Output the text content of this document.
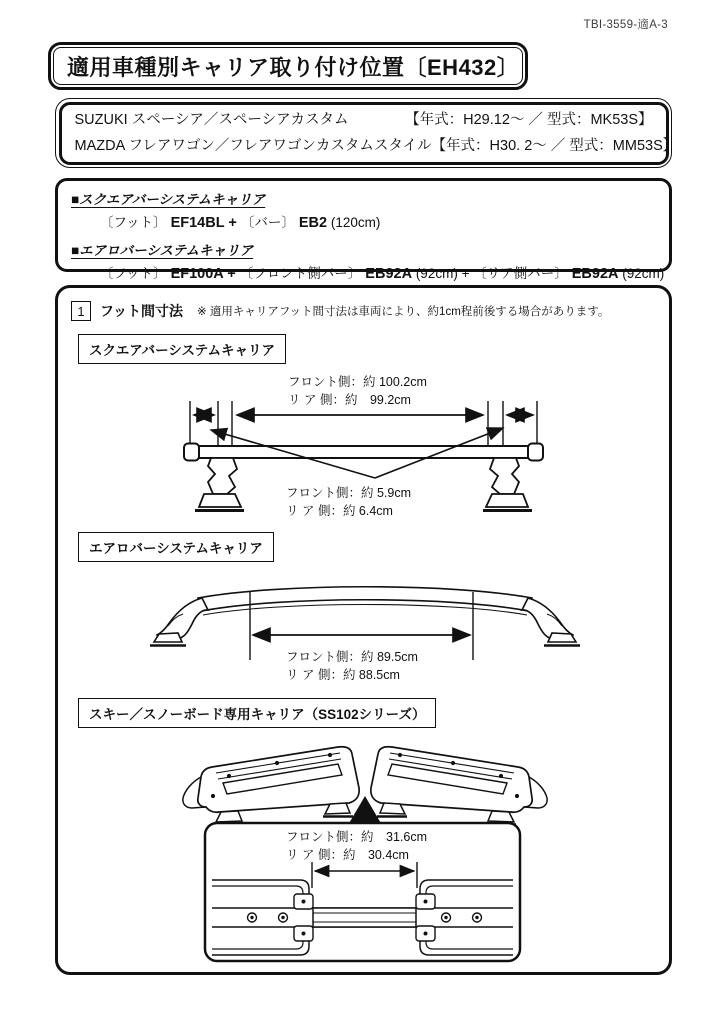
TBI-3559-適A-3
適用車種別キャリア取り付け位置〔EH432〕
SUZUKI スペーシア／スペーシアカスタム	【年式：H29.12～ ／ 型式：MK53S】
MAZDA フレアワゴン／フレアワゴンカスタムスタイル 【年式：H30. 2～ ／ 型式：MM53S】
■スクエアバーシステムキャリア
〔フット〕 EF14BL + 〔バー〕 EB2 (120cm)
■エアロバーシステムキャリア
〔フット〕 EF100A + 〔フロント側バー〕 EB92A (92cm) + 〔リア側バー〕 EB92A (92cm)
1	フット間寸法 ※ 適用キャリアフット間寸法は車両により、約1cm程前後する場合があります。
スクエアバーシステムキャリア
フロント側：約 100.2cm
リ ア 側：約　99.2cm
フロント側：約 5.9cm
リ ア 側：約 6.4cm
エアロバーシステムキャリア
フロント側：約 89.5cm
リ ア 側：約 88.5cm
スキー／スノーボード専用キャリア（SS102シリーズ）
フロント側：約　31.6cm
リ ア 側：約　30.4cm
